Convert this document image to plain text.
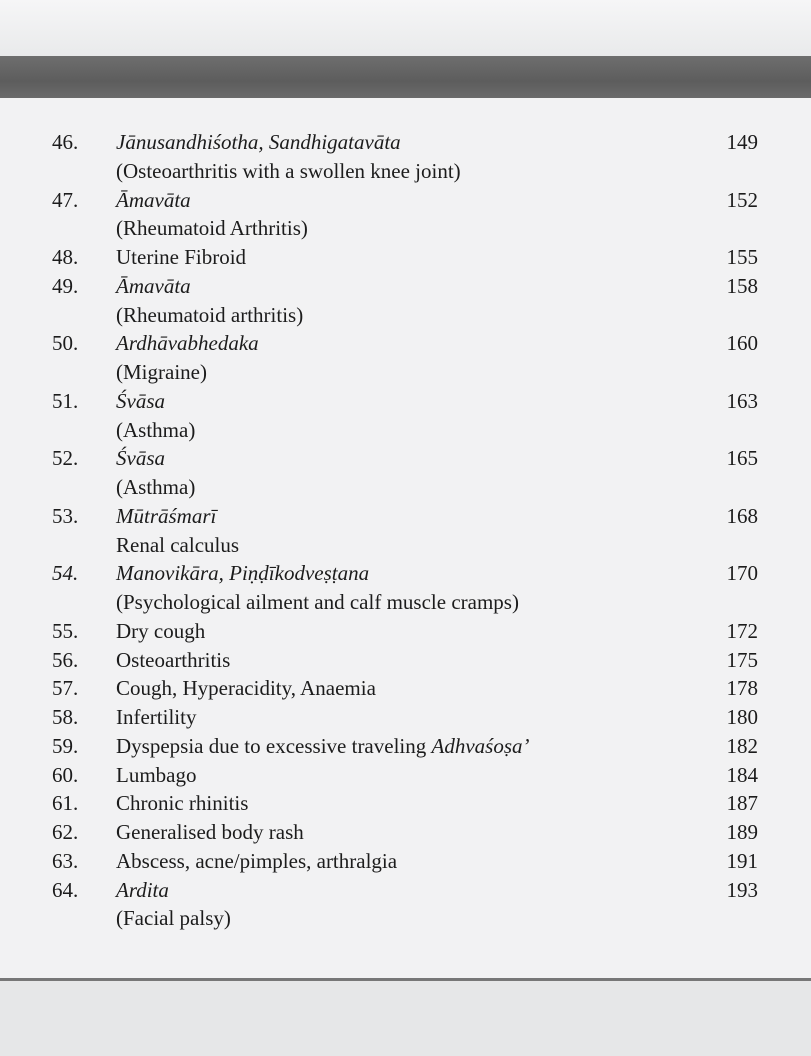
46. Jānusandhiśotha, Sandhigatavāta	149
(Osteoarthritis with a swollen knee joint)
47. Āmavāta	152
(Rheumatoid Arthritis)
48. Uterine Fibroid	155
49. Āmavāta	158
(Rheumatoid arthritis)
50. Ardhāvabhedaka	160
(Migraine)
51. Śvāsa	163
(Asthma)
52. Śvāsa	165
(Asthma)
53. Mūtrāśmarī	168
Renal calculus
54. Manovikāra, Piṇḍīkodveṣṭana	170
(Psychological ailment and calf muscle cramps)
55. Dry cough	172
56. Osteoarthritis	175
57. Cough, Hyperacidity, Anaemia	178
58. Infertility	180
59. Dyspepsia due to excessive traveling Adhvaśoṣa’	182
60. Lumbago	184
61. Chronic rhinitis	187
62. Generalised body rash	189
63. Abscess, acne/pimples, arthralgia	191
64. Ardita	193
(Facial palsy)
